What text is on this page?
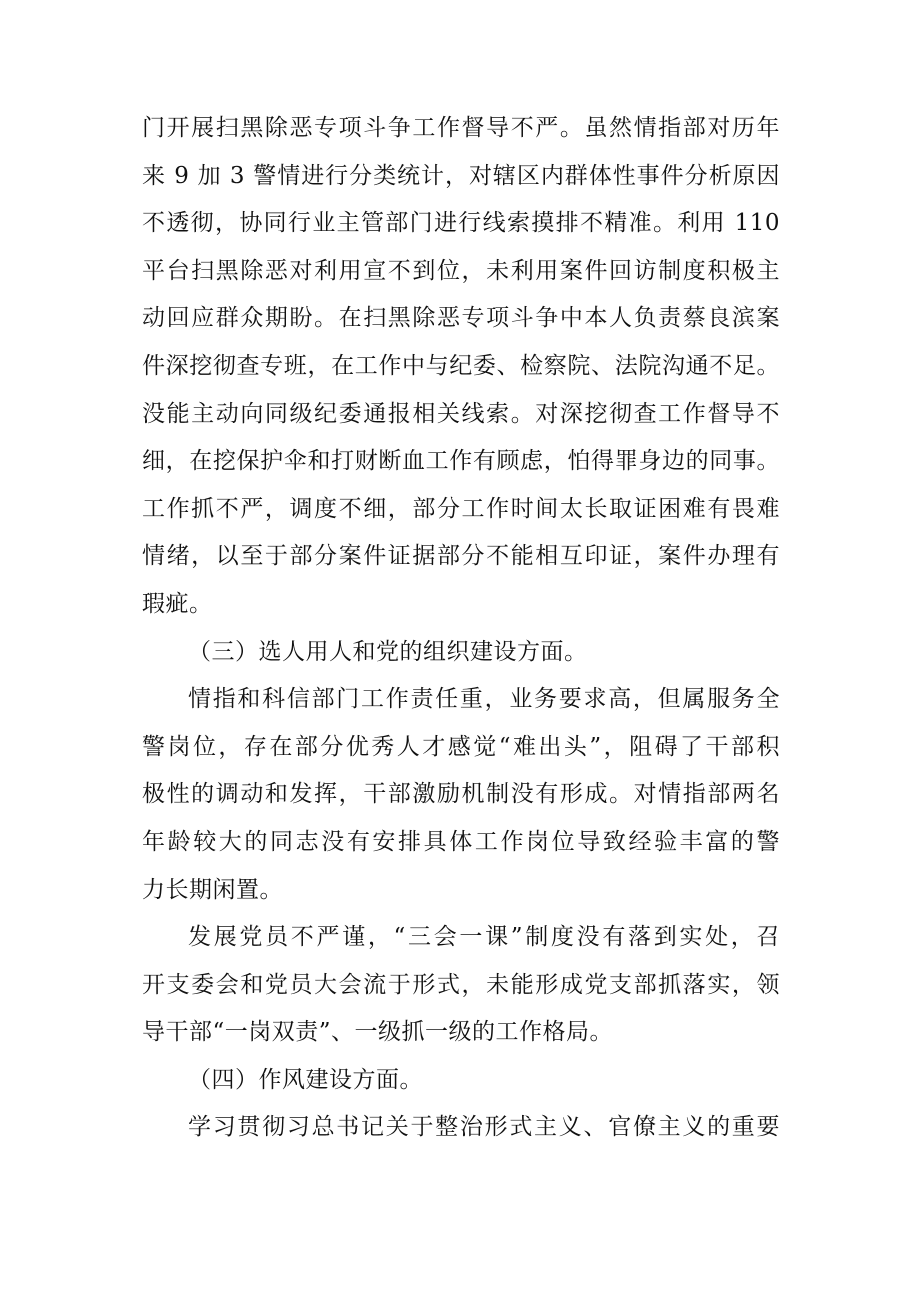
门开展扫黑除恶专项斗争工作督导不严。虽然情指部对历年
来 9 加 3 警情进行分类统计，对辖区内群体性事件分析原因
不透彻，协同行业主管部门进行线索摸排不精准。利用 110
平台扫黑除恶对利用宣不到位，未利用案件回访制度积极主
动回应群众期盼。在扫黑除恶专项斗争中本人负责蔡良滨案
件深挖彻查专班，在工作中与纪委、检察院、法院沟通不足。
没能主动向同级纪委通报相关线索。对深挖彻查工作督导不
细，在挖保护伞和打财断血工作有顾虑，怕得罪身边的同事。
工作抓不严，调度不细，部分工作时间太长取证困难有畏难
情绪，以至于部分案件证据部分不能相互印证，案件办理有
瑕疵。
（三）选人用人和党的组织建设方面。
情指和科信部门工作责任重，业务要求高，但属服务全
警岗位，存在部分优秀人才感觉“难出头”，阻碍了干部积
极性的调动和发挥，干部激励机制没有形成。对情指部两名
年龄较大的同志没有安排具体工作岗位导致经验丰富的警
力长期闲置。
发展党员不严谨，“三会一课”制度没有落到实处，召
开支委会和党员大会流于形式，未能形成党支部抓落实，领
导干部“一岗双责”、一级抓一级的工作格局。
（四）作风建设方面。
学习贯彻习总书记关于整治形式主义、官僚主义的重要
